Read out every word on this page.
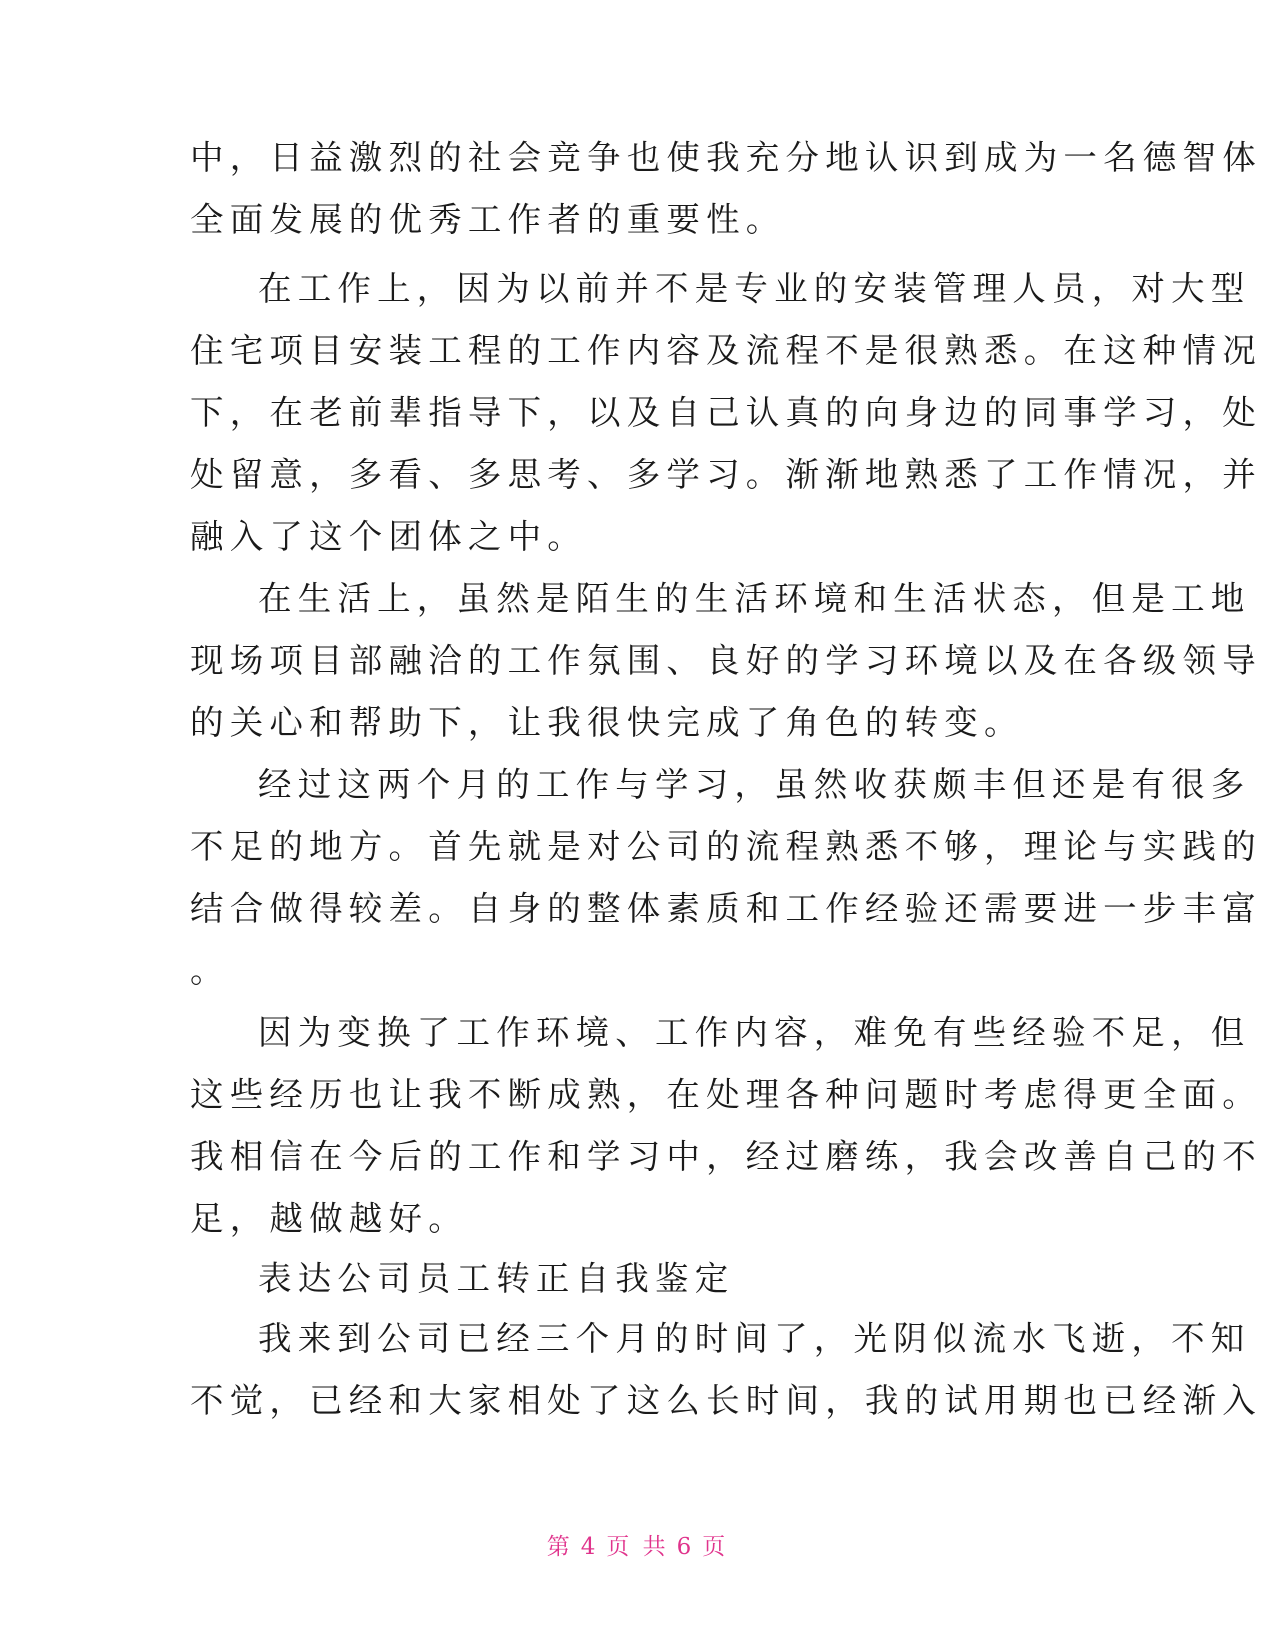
中，日益激烈的社会竞争也使我充分地认识到成为一名德智体
全面发展的优秀工作者的重要性。
在工作上，因为以前并不是专业的安装管理人员，对大型
住宅项目安装工程的工作内容及流程不是很熟悉。在这种情况
下，在老前辈指导下，以及自己认真的向身边的同事学习，处
处留意，多看、多思考、多学习。渐渐地熟悉了工作情况，并
融入了这个团体之中。
在生活上，虽然是陌生的生活环境和生活状态，但是工地
现场项目部融洽的工作氛围、良好的学习环境以及在各级领导
的关心和帮助下，让我很快完成了角色的转变。
经过这两个月的工作与学习，虽然收获颇丰但还是有很多
不足的地方。首先就是对公司的流程熟悉不够，理论与实践的
结合做得较差。自身的整体素质和工作经验还需要进一步丰富
。
因为变换了工作环境、工作内容，难免有些经验不足，但
这些经历也让我不断成熟，在处理各种问题时考虑得更全面。
我相信在今后的工作和学习中，经过磨练，我会改善自己的不
足，越做越好。
表达公司员工转正自我鉴定
我来到公司已经三个月的时间了，光阴似流水飞逝，不知
不觉，已经和大家相处了这么长时间，我的试用期也已经渐入
第 4 页 共 6 页
